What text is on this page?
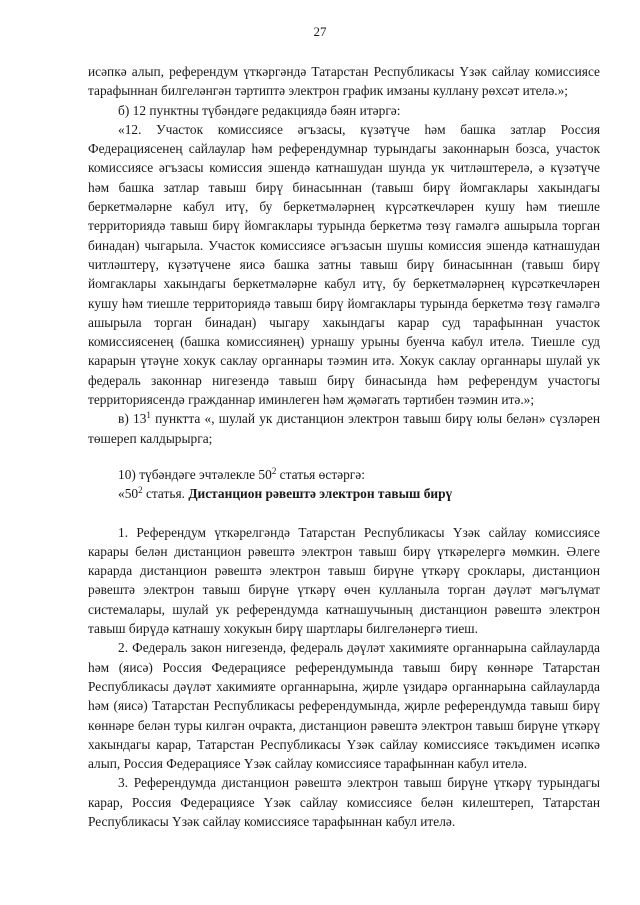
27

исәпкә алып, референдум үткәргәндә Татарстан Республикасы Үзәк сайлау комиссиясе тарафыннан билгеләнгән тәртиптә электрон график имзаны кулланy рөхсәт ителә.»;

б) 12 пунктны түбәндәге редакциядә бәян итәргә:

«12. Участок комиссиясе әгъзасы, күзәтүче һәм башка затлар Россия Федерациясенең сайлаулар һәм референдумнар турындагы законнарын бозса, участок комиссиясе әгъзасы комиссия эшендә катнашудан шунда ук читләштерелә, ә күзәтүче һәм башка затлар тавыш бирү бинасыннан (тавыш бирү йомгаклары хакындагы беркетмәләрне кабул итү, бу беркетмәләрнең күрсәткечләрен кушу һәм тиешле территориядә тавыш бирү йомгаклары турында беркетмә төзү гамәлгә ашырыла торган бинадан) чыгарыла. Участок комиссиясе әгъзасын шушы комиссия эшендә катнашудан читләштерү, күзәтүчене яисә башка затны тавыш бирү бинасыннан (тавыш бирү йомгаклары хакындагы беркетмәләрне кабул итү, бу беркетмәләрнең күрсәткечләрен кушу һәм тиешле территориядә тавыш бирү йомгаклары турында беркетмә төзү гамәлгә ашырыла торган бинадан) чыгару хакындагы карар суд тарафыннан участок комиссиясенең (башка комиссиянең) урнашу урыны буенча кабул ителә. Тиешле суд карарын үтәүне хокук саклау органнары тәэмин итә. Хокук саклау органнары шулай ук федераль законнар нигезендә тавыш бирү бинасында һәм референдум участогы территориясендә гражданнар иминлеген һәм җәмәгать тәртибен тәэмин итә.»;

в) $13^1$ пунктта «, шулай ук дистанцион электрон тавыш бирү юлы белән» сүзләрен төшереп калдырырга;

10) түбәндәге эчтәлекле $50^2$ статья өстәргә:

«$50^2$ статья. Дистанцион рәвештә электрон тавыш бирү

1. Референдум үткәрелгәндә Татарстан Республикасы Үзәк сайлау комиссиясе карары белән дистанцион рәвештә электрон тавыш бирү үткәрелергә мөмкин. Әлеге карарда дистанцион рәвештә электрон тавыш бирүне үткәрү сроклары, дистанцион рәвештә электрон тавыш бирүне үткәрү өчен кулланыла торган дәүләт мәгълүмат системалары, шулай ук референдумда катнашучының дистанцион рәвештә электрон тавыш бирүдә катнашу хокукын бирү шартлары билгеләнергә тиеш.

2. Федераль закон нигезендә, федераль дәүләт хакимияте органнарына сайлауларда һәм (яисә) Россия Федерациясе референдумында тавыш бирү көннәре Татарстан Республикасы дәүләт хакимияте органнарына, җирле үзидарә органнарына сайлауларда һәм (яисә) Татарстан Республикасы референдумында, җирле референдумда тавыш бирү көннәре белән туры килгән очракта, дистанцион рәвештә электрон тавыш бирүне үткәрү хакындагы карар, Татарстан Республикасы Үзәк сайлау комиссиясе тәкъдимен исәпкә алып, Россия Федерациясе Үзәк сайлау комиссиясе тарафыннан кабул ителә.

3. Референдумда дистанцион рәвештә электрон тавыш бирүне үткәрү турындагы карар, Россия Федерациясе Үзәк сайлау комиссиясе белән килештереп, Татарстан Республикасы Үзәк сайлау комиссиясе тарафыннан кабул ителә.
